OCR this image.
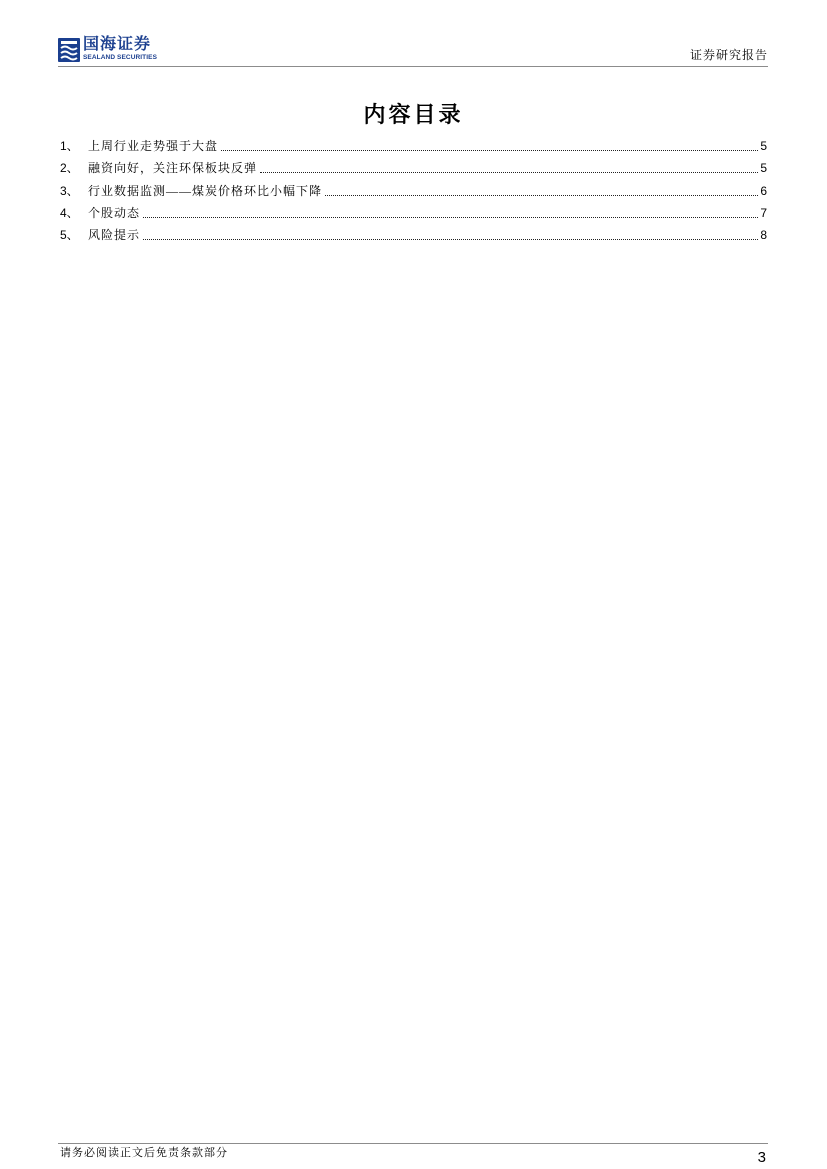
国海证券
SEALAND SECURITIES	证券研究报告
内容目录
1、 上周行业走势强于大盘	5
2、 融资向好，关注环保板块反弹	5
3、 行业数据监测——煤炭价格环比小幅下降	6
4、 个股动态	7
5、 风险提示	8
请务必阅读正文后免责条款部分	3
